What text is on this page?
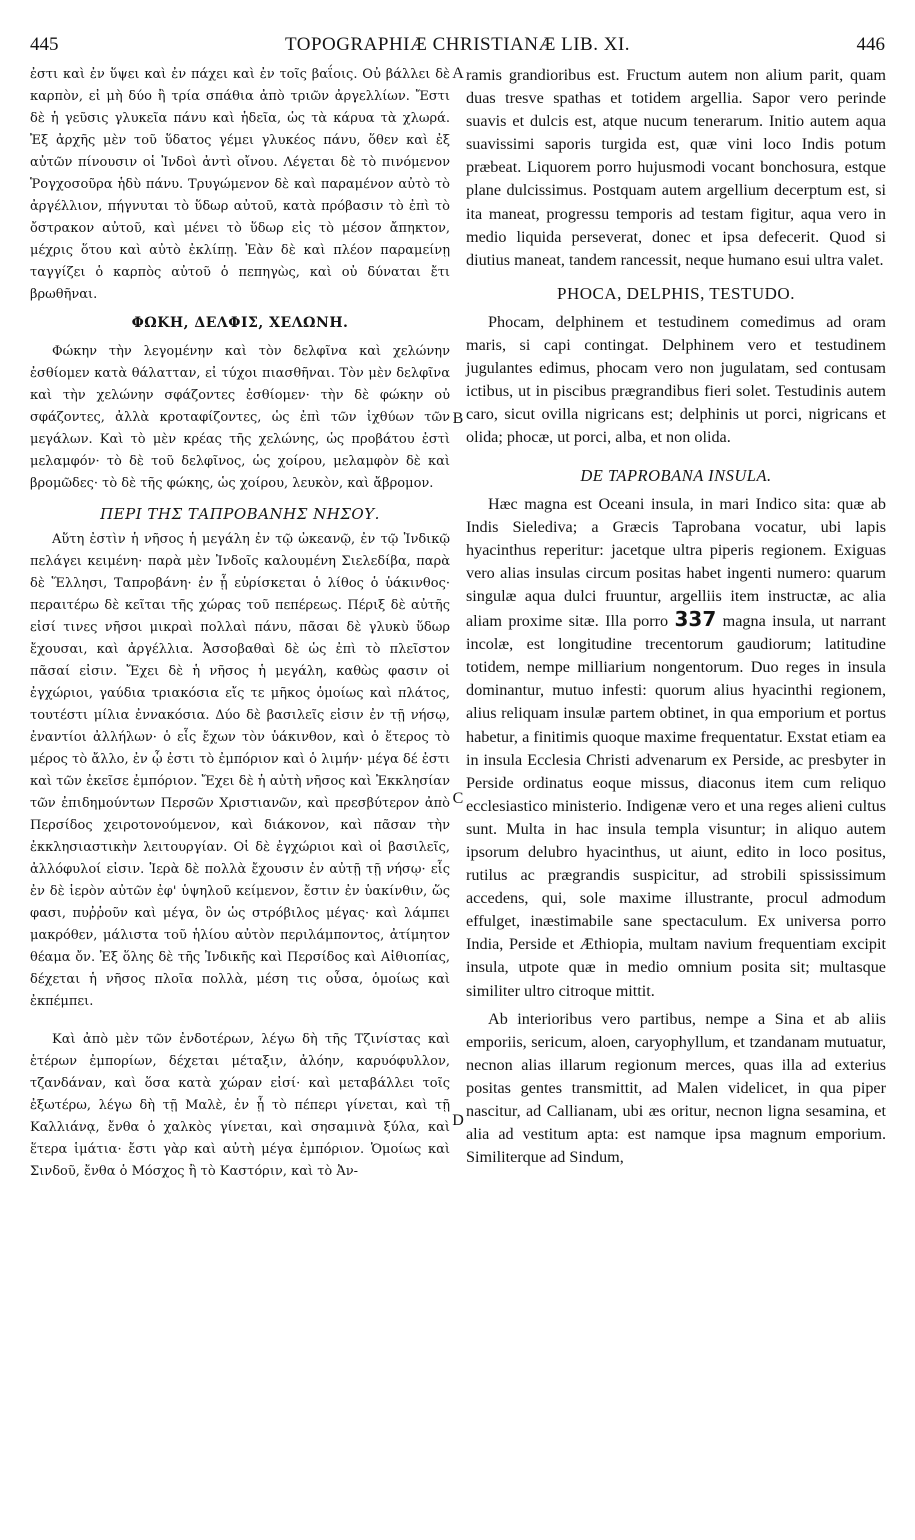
445	TOPOGRAPHIÆ CHRISTIANÆ LIB. XI.	446

ἐστι καὶ ἐν ὕψει καὶ ἐν πάχει καὶ ἐν τοῖς βαΐοις. Οὐ βάλλει δὲ καρπὸν, εἰ μὴ δύο ἢ τρία σπάθια ἀπὸ τριῶν ἀργελλίων. Ἔστι δὲ ἡ γεῦσις γλυκεῖα πάνυ καὶ ἡδεῖα, ὡς τὰ κάρυα τὰ χλωρά. Ἐξ ἀρχῆς μὲν τοῦ ὕδατος γέμει γλυκέος πάνυ, ὅθεν καὶ ἐξ αὐτῶν πίνουσιν οἱ Ἰνδοὶ ἀντὶ οἴνου. Λέγεται δὲ τὸ πινόμενον Ῥογχοσοῦρα ἡδὺ πάνυ. Τρυγώμενον δὲ καὶ παραμένον αὐτὸ τὸ ἀργέλλιον, πήγνυται τὸ ὕδωρ αὐτοῦ, κατὰ πρόβασιν τὸ ἐπὶ τὸ ὄστρακον αὐτοῦ, καὶ μένει τὸ ὕδωρ εἰς τὸ μέσον ἄπηκτον, μέχρις ὅτου καὶ αὐτὸ ἐκλίπῃ. Ἐὰν δὲ καὶ πλέον παραμείνῃ ταγγίζει ὁ καρπὸς αὐτοῦ ὁ πεπηγὼς, καὶ οὐ δύναται ἔτι βρωθῆναι.

ΦΩΚΗ, ΔΕΛΦΙΣ, ΧΕΛΩΝΗ.

Φώκην τὴν λεγομένην καὶ τὸν δελφῖνα καὶ χελώνην ἐσθίομεν κατὰ θάλατταν, εἰ τύχοι πιασθῆναι. Τὸν μὲν δελφῖνα καὶ τὴν χελώνην σφάζοντες ἐσθίομεν· τὴν δὲ φώκην οὐ σφάζοντες, ἀλλὰ κροταφίζοντες, ὡς ἐπὶ τῶν ἰχθύων τῶν μεγάλων. Καὶ τὸ μὲν κρέας τῆς χελώνης, ὡς προβάτου ἐστὶ μελαμφόν· τὸ δὲ τοῦ δελφῖνος, ὡς χοίρου, μελαμφὸν δὲ καὶ βρομῶδες· τὸ δὲ τῆς φώκης, ὡς χοίρου, λευκὸν, καὶ ἄβρομον.

ΠΕΡΙ ΤΗΣ ΤΑΠΡΟΒΑΝΗΣ ΝΗΣΟΥ.

Αὕτη ἐστὶν ἡ νῆσος ἡ μεγάλη ἐν τῷ ὠκεανῷ, ἐν τῷ Ἰνδικῷ πελάγει κειμένη· παρὰ μὲν Ἰνδοῖς καλουμένη Σιελεδίβα, παρὰ δὲ Ἕλλησι, Ταπροβάνη· ἐν ᾗ εὑρίσκεται ὁ λίθος ὁ ὑάκινθος· περαιτέρω δὲ κεῖται τῆς χώρας τοῦ πεπέρεως. Πέριξ δὲ αὐτῆς εἰσί τινες νῆσοι μικραὶ πολλαὶ πάνυ, πᾶσαι δὲ γλυκὺ ὕδωρ ἔχουσαι, καὶ ἀργέλλια. Ἀσσοβαθαὶ δὲ ὡς ἐπὶ τὸ πλεῖστον πᾶσαί εἰσιν. Ἔχει δὲ ἡ νῆσος ἡ μεγάλη, καθὼς φασιν οἱ ἐγχώριοι, γαύδια τριακόσια εἴς τε μῆκος ὁμοίως καὶ πλάτος, τουτέστι μίλια ἐννακόσια. Δύο δὲ βασιλεῖς εἰσιν ἐν τῇ νήσῳ, ἐναντίοι ἀλλήλων· ὁ εἷς ἔχων τὸν ὑάκινθον, καὶ ὁ ἕτερος τὸ μέρος τὸ ἄλλο, ἐν ᾧ ἐστι τὸ ἐμπόριον καὶ ὁ λιμήν· μέγα δέ ἐστι καὶ τῶν ἐκεῖσε ἐμπόριον. Ἔχει δὲ ἡ αὐτὴ νῆσος καὶ Ἐκκλησίαν τῶν ἐπιδημούντων Περσῶν Χριστιανῶν, καὶ πρεσβύτερον ἀπὸ Περσίδος χειροτονούμενον, καὶ διάκονον, καὶ πᾶσαν τὴν ἐκκλησιαστικὴν λειτουργίαν. Οἱ δὲ ἐγχώριοι καὶ οἱ βασιλεῖς, ἀλλόφυλοί εἰσιν. Ἱερὰ δὲ πολλὰ ἔχουσιν ἐν αὐτῇ τῇ νήσῳ· εἷς ἐν δὲ ἱερὸν αὐτῶν ἐφ' ὑψηλοῦ κείμενον, ἔστιν ἐν ὑακίνθιν, ὥς φασι, πυῤῥοῦν καὶ μέγα, ὃν ὡς στρόβιλος μέγας· καὶ λάμπει μακρόθεν, μάλιστα τοῦ ἡλίου αὐτὸν περιλάμποντος, ἀτίμητον θέαμα ὄν. Ἐξ ὅλης δὲ τῆς Ἰνδικῆς καὶ Περσίδος καὶ Αἰθιοπίας, δέχεται ἡ νῆσος πλοῖα πολλὰ, μέση τις οὖσα, ὁμοίως καὶ ἐκπέμπει.

Καὶ ἀπὸ μὲν τῶν ἐνδοτέρων, λέγω δὴ τῆς Τζινίστας καὶ ἑτέρων ἐμπορίων, δέχεται μέταξιν, ἀλόην, καρυόφυλλον, τζανδάναν, καὶ ὅσα κατὰ χώραν εἰσί· καὶ μεταβάλλει τοῖς ἐξωτέρω, λέγω δὴ τῇ Μαλὲ, ἐν ᾗ τὸ πέπερι γίνεται, καὶ τῇ Καλλιάνᾳ, ἔνθα ὁ χαλκὸς γίνεται, καὶ σησαμινὰ ξύλα, καὶ ἕτερα ἱμάτια· ἔστι γὰρ καὶ αὐτὴ μέγα ἐμπόριον. Ὁμοίως καὶ Σινδοῦ, ἔνθα ὁ Μόσχος ἢ τὸ Καστόριν, καὶ τὸ Ἀν-

A
B
C
D

ramis grandioribus est. Fructum autem non alium parit, quam duas tresve spathas et totidem argellia. Sapor vero perinde suavis et dulcis est, atque nucum tenerarum. Initio autem aqua suavissimi saporis turgida est, quæ vini loco Indis potum præbeat. Liquorem porro hujusmodi vocant bonchosura, estque plane dulcissimus. Postquam autem argellium decerptum est, si ita maneat, progressu temporis ad testam figitur, aqua vero in medio liquida perseverat, donec et ipsa defecerit. Quod si diutius maneat, tandem rancessit, neque humano esui ultra valet.

PHOCA, DELPHIS, TESTUDO.

Phocam, delphinem et testudinem comedimus ad oram maris, si capi contingat. Delphinem vero et testudinem jugulantes edimus, phocam vero non jugulatam, sed contusam ictibus, ut in piscibus prægrandibus fieri solet. Testudinis autem caro, sicut ovilla nigricans est; delphinis ut porci, nigricans et olida; phocæ, ut porci, alba, et non olida.

DE TAPROBANA INSULA.

Hæc magna est Oceani insula, in mari Indico sita: quæ ab Indis Sielediva; a Græcis Taprobana vocatur, ubi lapis hyacinthus reperitur: jacetque ultra piperis regionem. Exiguas vero alias insulas circum positas habet ingenti numero: quarum singulæ aqua dulci fruuntur, argelliis item instructæ, ac alia aliam proxime sitæ. Illa porro 337 magna insula, ut narrant incolæ, est longitudine trecentorum gaudiorum; latitudine totidem, nempe milliarium nongentorum. Duo reges in insula dominantur, mutuo infesti: quorum alius hyacinthi regionem, alius reliquam insulæ partem obtinet, in qua emporium et portus habetur, a finitimis quoque maxime frequentatur. Exstat etiam ea in insula Ecclesia Christi advenarum ex Perside, ac presbyter in Perside ordinatus eoque missus, diaconus item cum reliquo ecclesiastico ministerio. Indigenæ vero et una reges alieni cultus sunt. Multa in hac insula templa visuntur; in aliquo autem ipsorum delubro hyacinthus, ut aiunt, edito in loco positus, rutilus ac prægrandis suspicitur, ad strobili spississimum accedens, qui, sole maxime illustrante, procul admodum effulget, inæstimabile sane spectaculum. Ex universa porro India, Perside et Æthiopia, multam navium frequentiam excipit insula, utpote quæ in medio omnium posita sit; multasque similiter ultro citroque mittit.

Ab interioribus vero partibus, nempe a Sina et ab aliis emporiis, sericum, aloen, caryophyllum, et tzandanam mutuatur, necnon alias illarum regionum merces, quas illa ad exterius positas gentes transmittit, ad Malen videlicet, in qua piper nascitur, ad Callianam, ubi æs oritur, necnon ligna sesamina, et alia ad vestitum apta: est namque ipsa magnum emporium. Similiterque ad Sindum,
